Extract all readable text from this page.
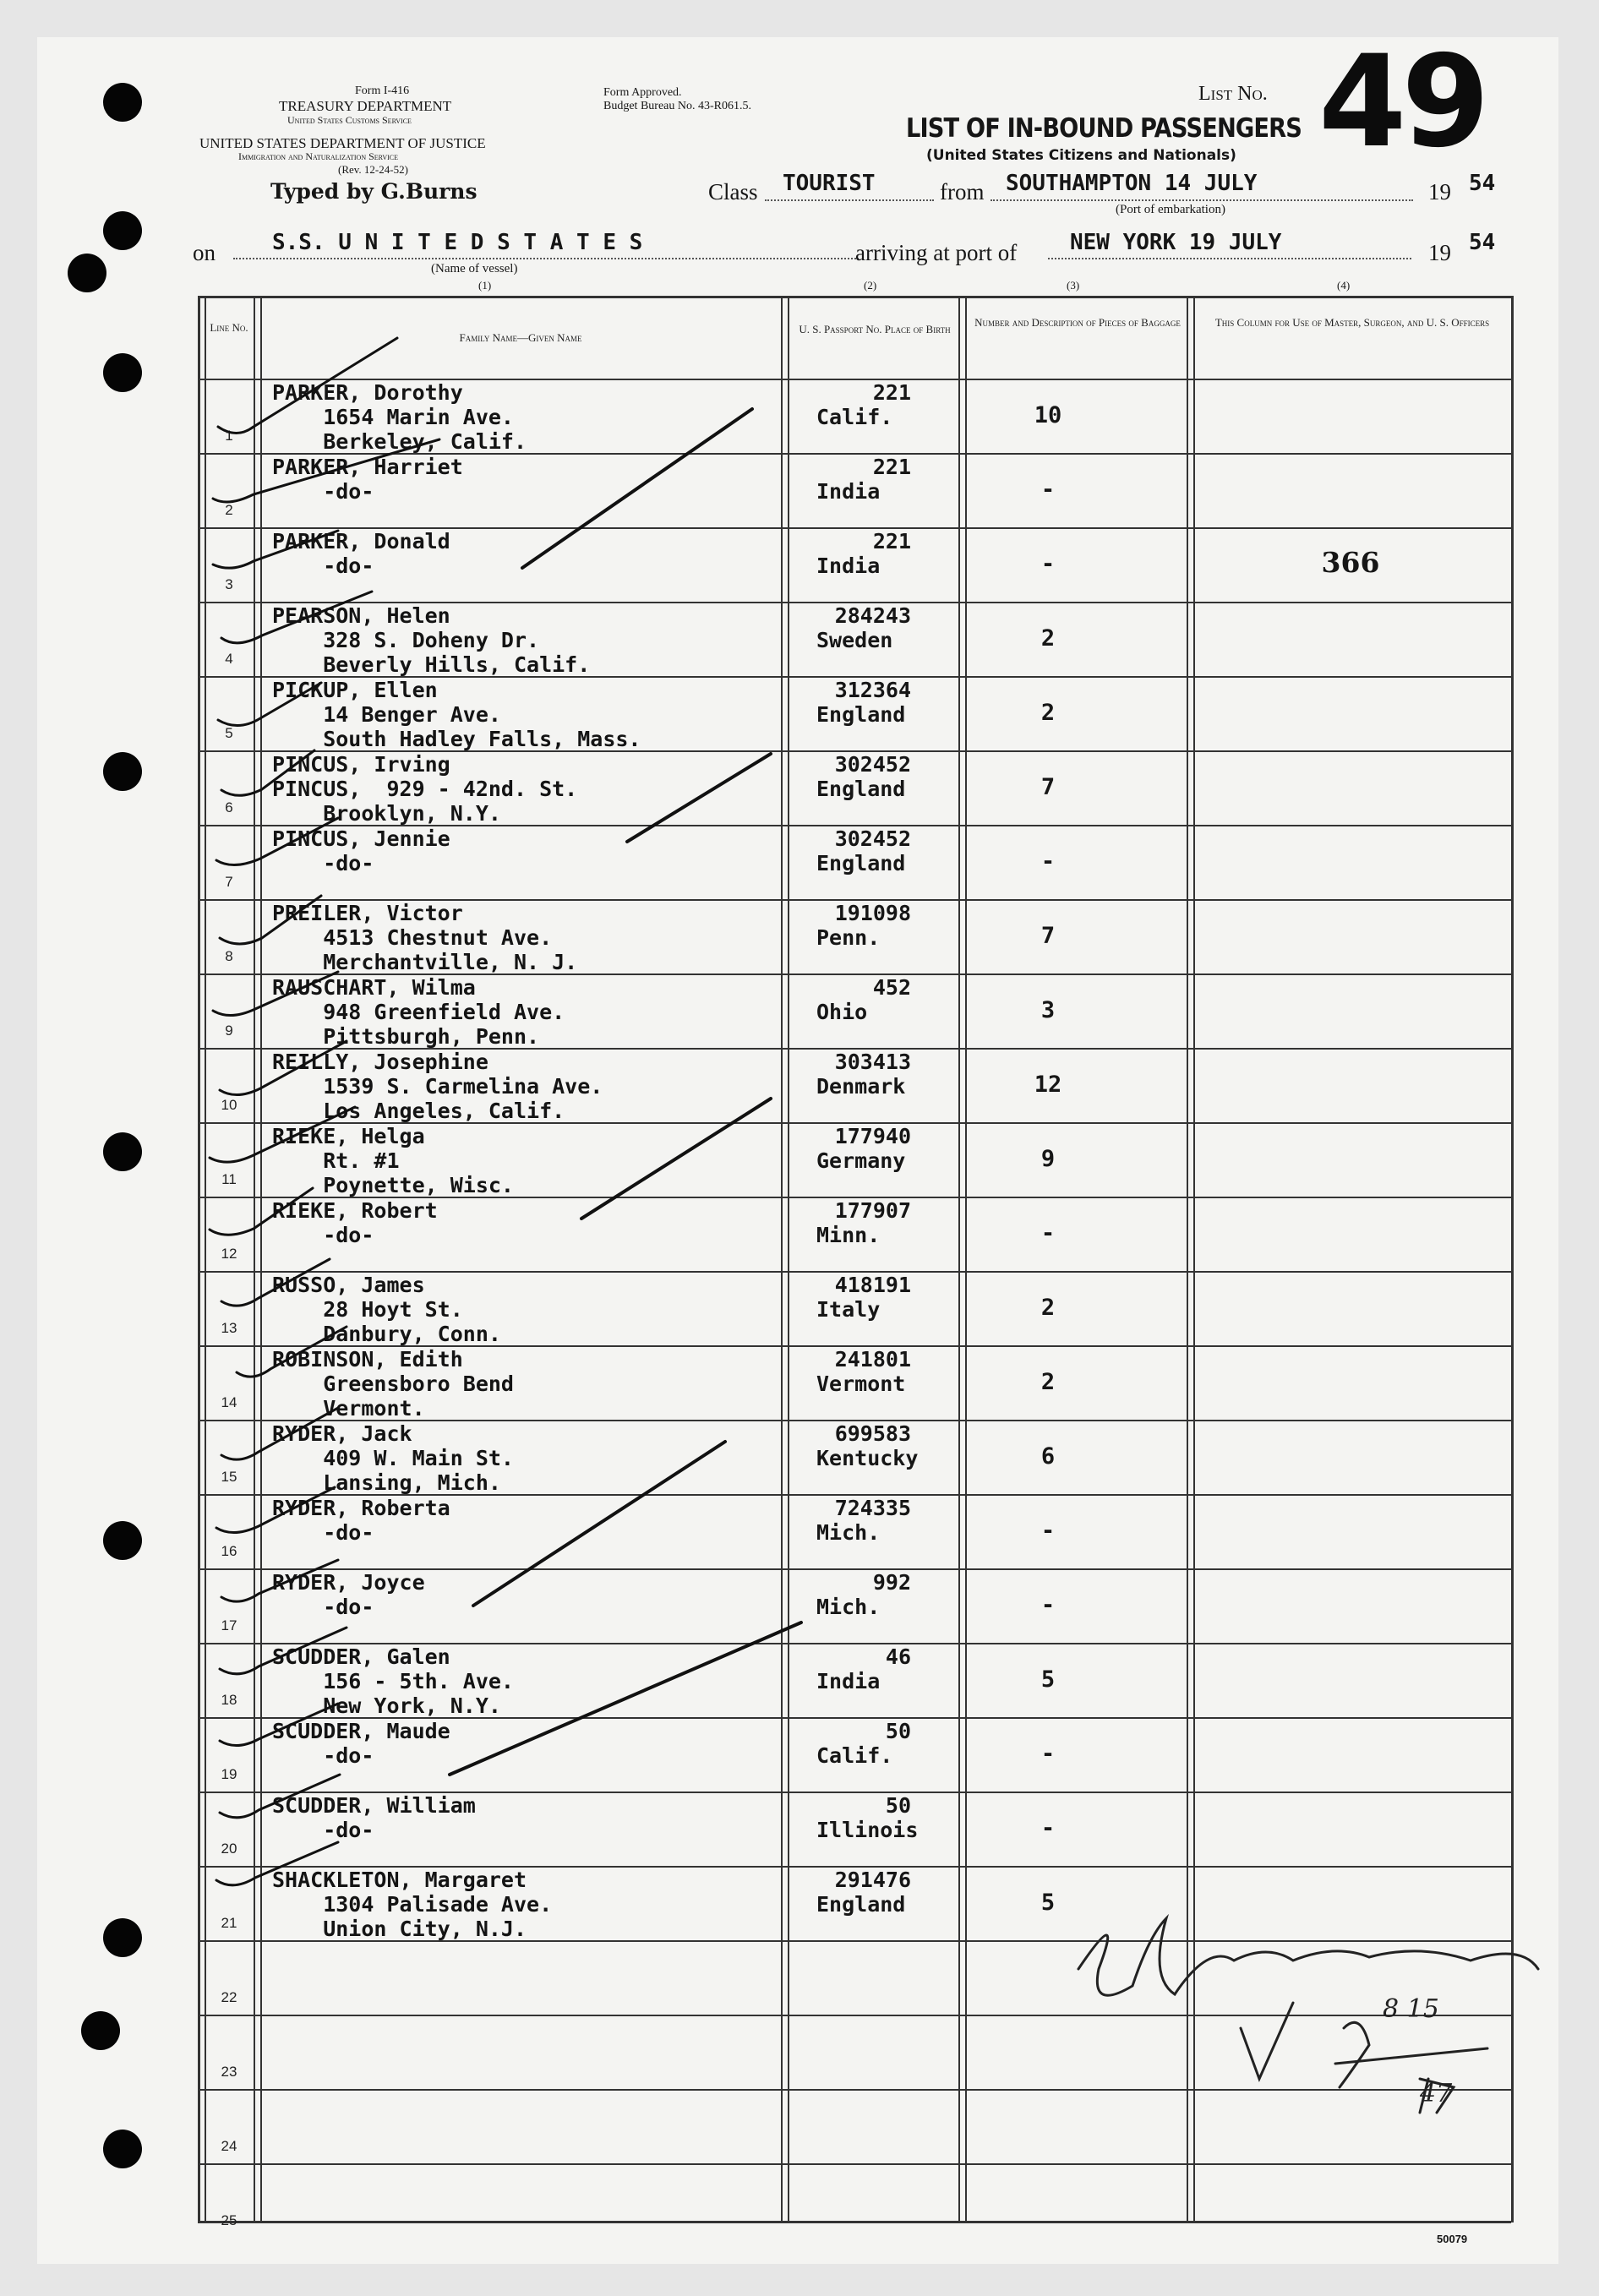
Form I-416
TREASURY DEPARTMENT
United States Customs Service
UNITED STATES DEPARTMENT OF JUSTICE
Immigration and Naturalization Service
(Rev. 12-24-52)
Form Approved.
Budget Bureau No. 43-R061.5.
List No. 49
LIST OF IN-BOUND PASSENGERS
(United States Citizens and Nationals)
Typed by G.Burns	Class TOURIST	from SOUTHAMPTON 14 JULY	19 54
(Port of embarkation)
on	S.S. U N I T E D S T A T E S
(Name of vessel)
arriving at port of NEW YORK 19 JULY	19 54
(1)	(2)	(3)	(4)
Line No.
Family Name—Given Name
U. S. Passport No. Place of Birth
Number and Description of Pieces of Baggage	This Column for Use of Master, Surgeon, and U. S. Officers
1
PARKER, Dorothy
1654 Marin Ave.
Berkeley, Calif.
221
Calif.	10
2
PARKER, Harriet
-do-
221
India	-
3
PARKER, Donald
-do-
221
India	-	366
4
PEARSON, Helen
328 S. Doheny Dr.
Beverly Hills, Calif.
284243
Sweden	2
5
PICKUP, Ellen
14 Benger Ave.
South Hadley Falls, Mass.
312364
England	2
6
PINCUS, Irving
PINCUS,  929 - 42nd. St.
Brooklyn, N.Y.
302452
England	7
7
PINCUS, Jennie
-do-
302452
England	-
8
PREILER, Victor
4513 Chestnut Ave.
Merchantville, N. J.
191098
Penn.	7
9
RAUSCHART, Wilma
948 Greenfield Ave.
Pittsburgh, Penn.
452
Ohio	3
10
REILLY, Josephine
1539 S. Carmelina Ave.
Los Angeles, Calif.
303413
Denmark	12
11
RIEKE, Helga
Rt. #1
Poynette, Wisc.
177940
Germany	9
12
RIEKE, Robert
-do-
177907
Minn.	-
13
RUSSO, James
28 Hoyt St.
Danbury, Conn.
418191
Italy	2
14
ROBINSON, Edith
Greensboro Bend
Vermont.
241801
Vermont	2
15
RYDER, Jack
409 W. Main St.
Lansing, Mich.
699583
Kentucky	6
16
RYDER, Roberta
-do-
724335
Mich.	-
17
RYDER, Joyce
-do-
992
Mich.	-
18
SCUDDER, Galen
156 - 5th. Ave.
New York, N.Y.
46
India	5
19
SCUDDER, Maude
-do-
50
Calif.	-
20
SCUDDER, William
-do-
50
Illinois	-
21
SHACKLETON, Margaret
1304 Palisade Ave.
Union City, N.J.
291476
England	5
22
23
24
25
8 15
47
50079
